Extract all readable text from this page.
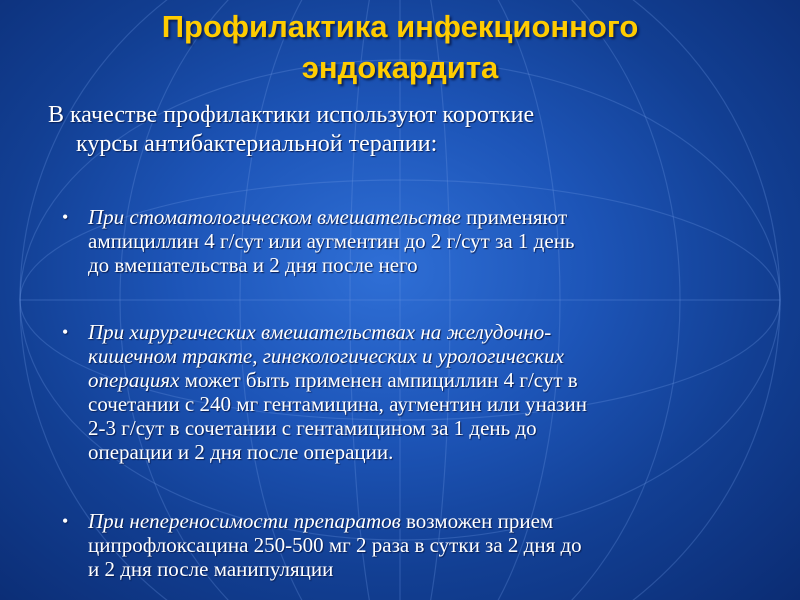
Профилактика инфекционного
эндокардита
В качестве профилактики используют короткие
курсы антибактериальной терапии:
• При стоматологическом вмешательстве применяют
ампициллин 4 г/сут или аугментин до 2 г/сут за 1 день
до вмешательства и 2 дня после него
• При хирургических вмешательствах на желудочно-
кишечном тракте, гинекологических и урологических
операциях может быть применен ампициллин 4 г/сут в
сочетании с 240 мг гентамицина, аугментин или уназин
2-3 г/сут в сочетании с гентамицином за 1 день до
операции и 2 дня после операции.
• При непереносимости препаратов возможен прием
ципрофлоксацина 250-500 мг 2 раза в сутки за 2 дня до
и 2 дня после манипуляции
